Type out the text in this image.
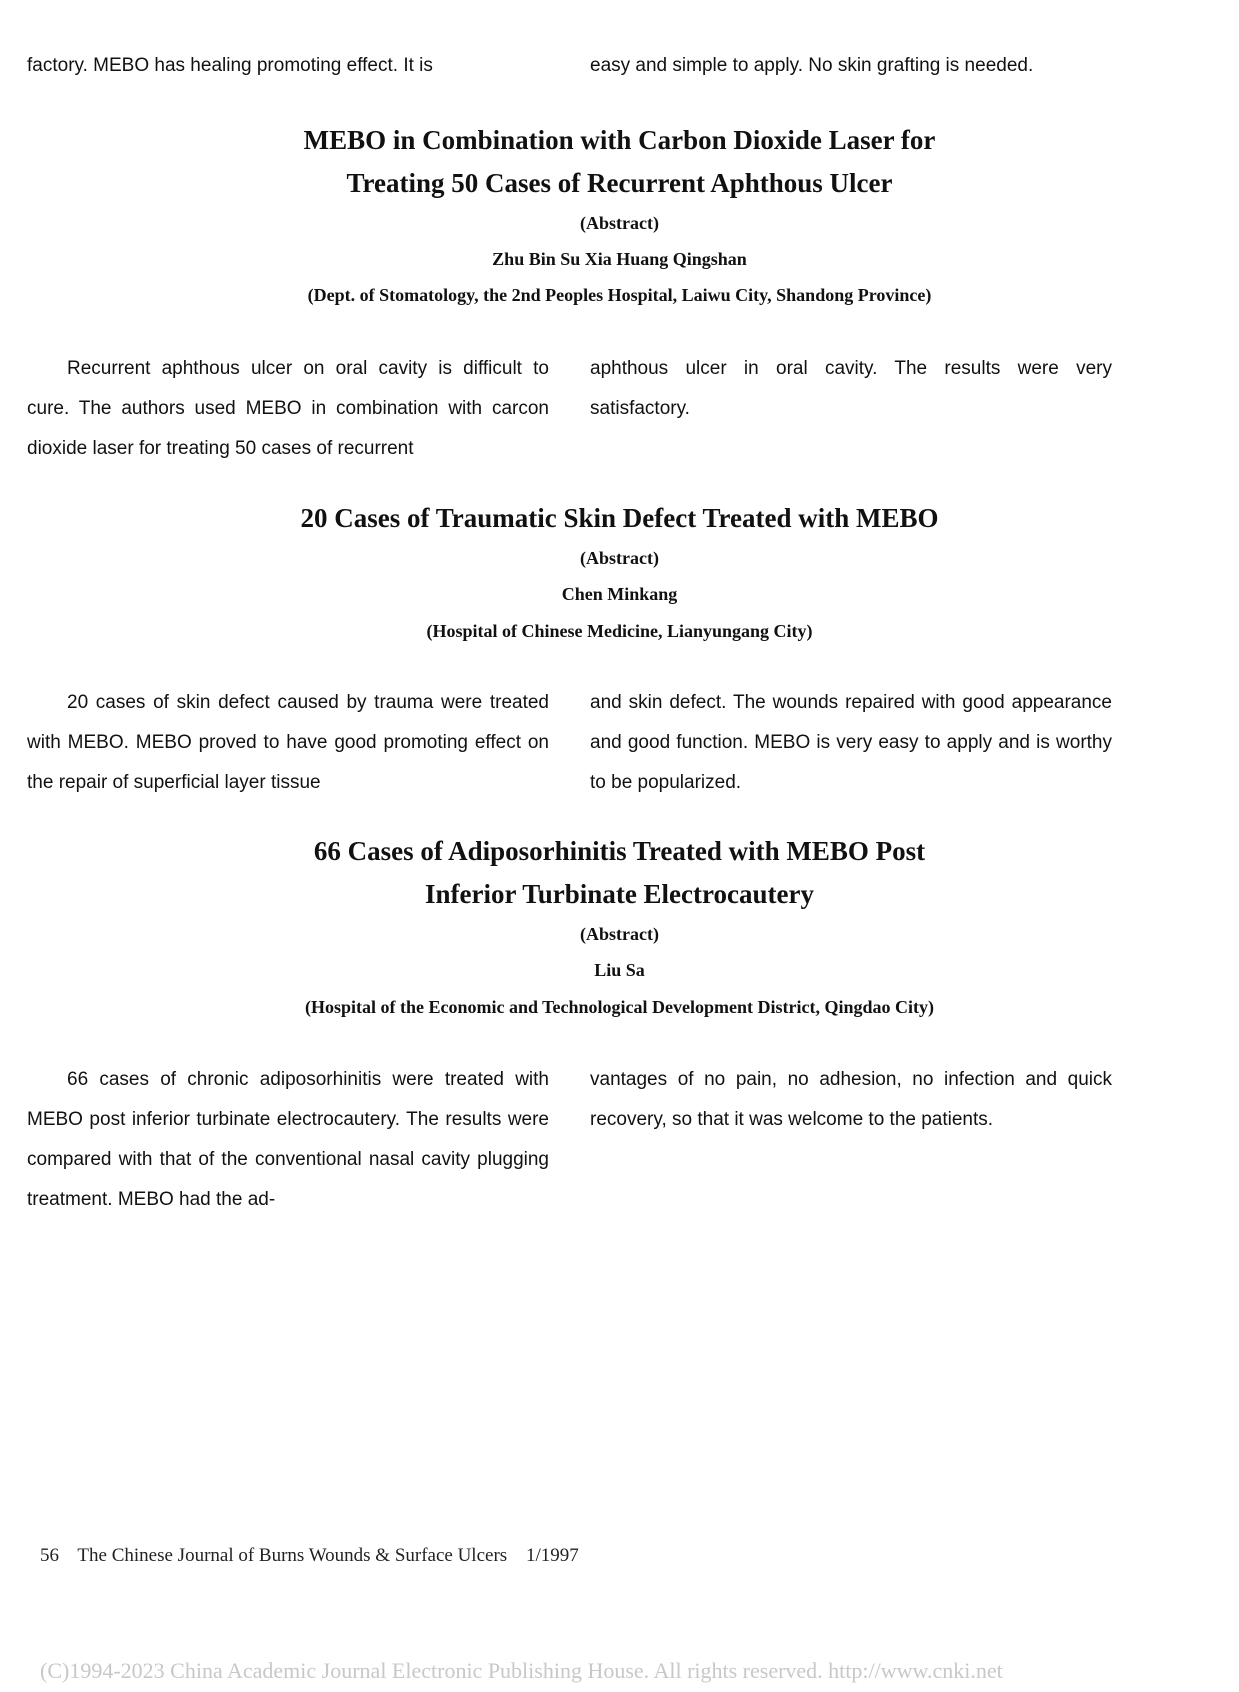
factory. MEBO has healing promoting effect. It is	easy and simple to apply. No skin grafting is needed.
MEBO in Combination with Carbon Dioxide Laser for
Treating 50 Cases of Recurrent Aphthous Ulcer
(Abstract)
Zhu Bin Su Xia Huang Qingshan
(Dept. of Stomatology, the 2nd Peoples Hospital, Laiwu City, Shandong Province)
Recurrent aphthous ulcer on oral cavity is difficult to cure. The authors used MEBO in combination with carcon dioxide laser for treating 50 cases of recurrent
aphthous ulcer in oral cavity. The results were very satisfactory.
20 Cases of Traumatic Skin Defect Treated with MEBO
(Abstract)
Chen Minkang
(Hospital of Chinese Medicine, Lianyungang City)
20 cases of skin defect caused by trauma were treated with MEBO. MEBO proved to have good promoting effect on the repair of superficial layer tissue
and skin defect. The wounds repaired with good appearance and good function. MEBO is very easy to apply and is worthy to be popularized.
66 Cases of Adiposorhinitis Treated with MEBO Post
Inferior Turbinate Electrocautery
(Abstract)
Liu Sa
(Hospital of the Economic and Technological Development District, Qingdao City)
66 cases of chronic adiposorhinitis were treated with MEBO post inferior turbinate electrocautery. The results were compared with that of the conventional nasal cavity plugging treatment. MEBO had the ad-
vantages of no pain, no adhesion, no infection and quick recovery, so that it was welcome to the patients.
56 The Chinese Journal of Burns Wounds & Surface Ulcers 1/1997
(C)1994-2023 China Academic Journal Electronic Publishing House. All rights reserved. http://www.cnki.net
